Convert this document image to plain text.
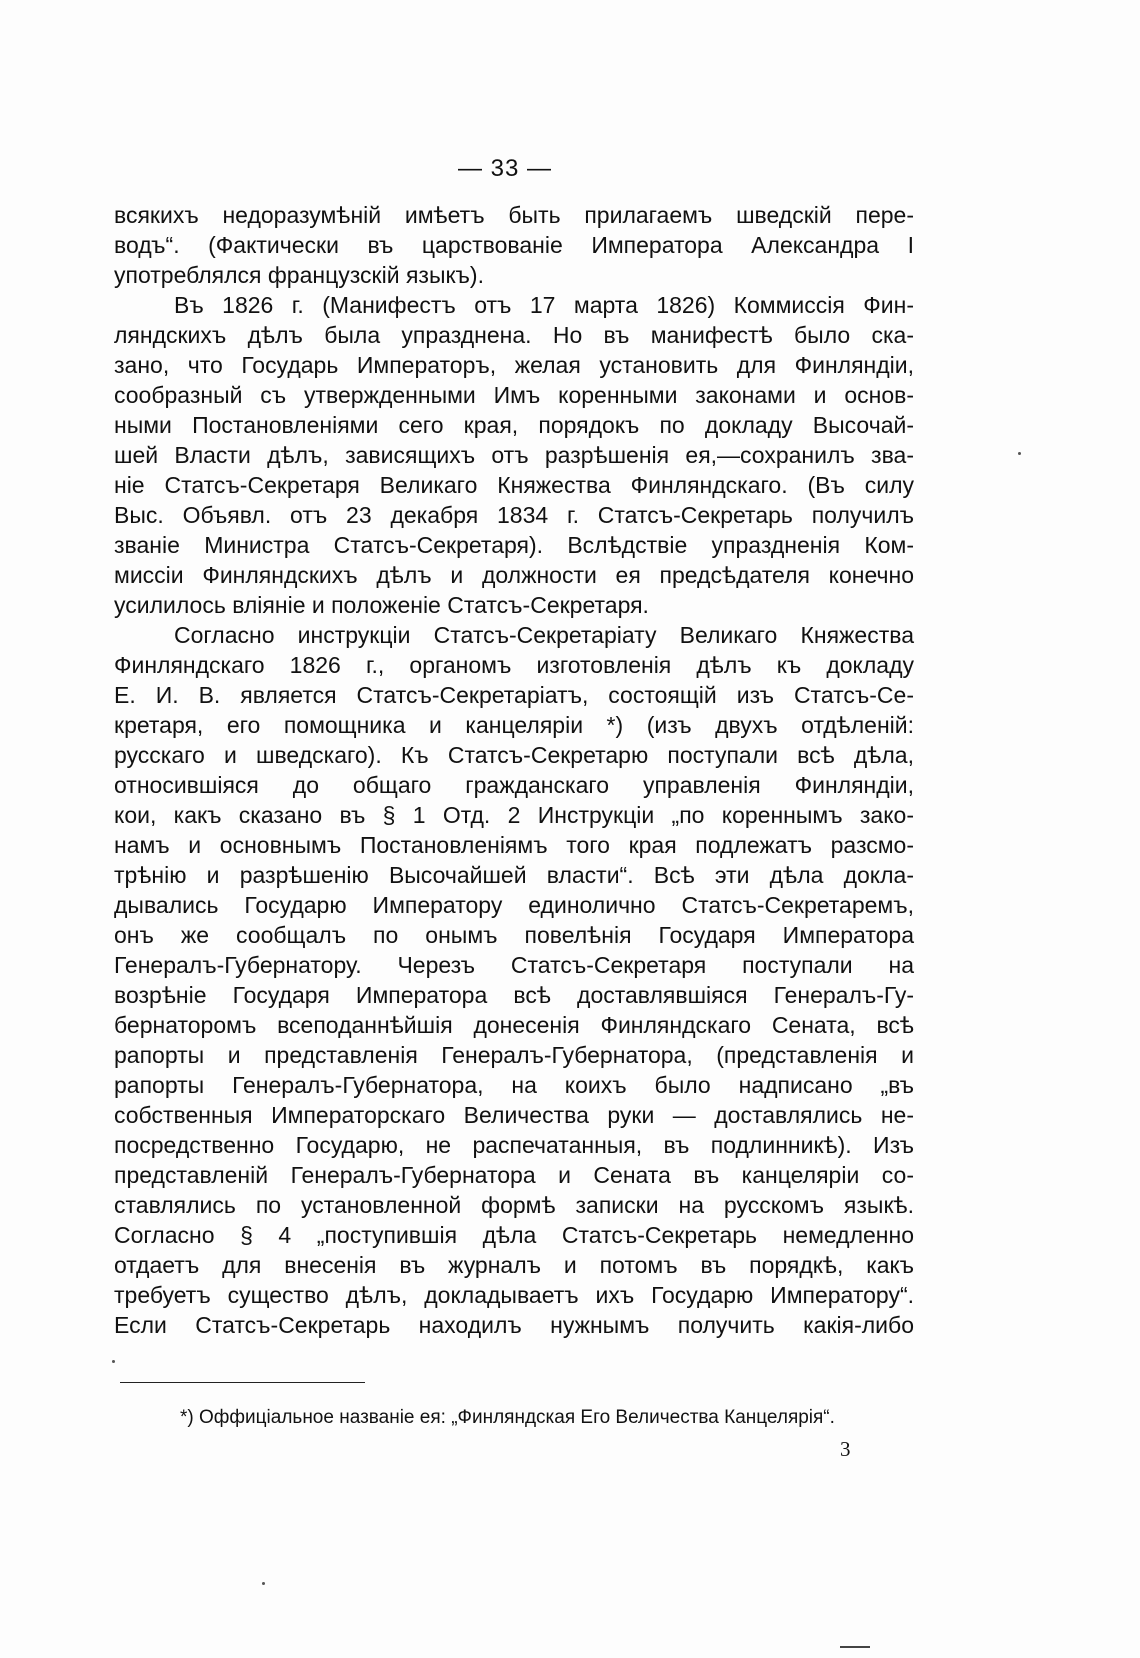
— 33 —
всякихъ недоразумѣній имѣетъ быть прилагаемъ шведскій пере-
водъ“. (Фактически въ царствованіе Императора Александра I
употреблялся французскій языкъ).
Въ 1826 г. (Манифестъ отъ 17 марта 1826) Коммиссія Фин-
ляндскихъ дѣлъ была упразднена. Но въ манифестѣ было ска-
зано, что Государь Императоръ, желая установить для Финляндіи,
сообразный съ утвержденными Имъ коренными законами и основ-
ными Постановленіями сего края, порядокъ по докладу Высочай-
шей Власти дѣлъ, зависящихъ отъ разрѣшенія ея,—сохранилъ зва-
ніе Статсъ-Секретаря Великаго Княжества Финляндскаго. (Въ силу
Выс. Объявл. отъ 23 декабря 1834 г. Статсъ-Секретарь получилъ
званіе Министра Статсъ-Секретаря). Вслѣдствіе упраздненія Ком-
миссіи Финляндскихъ дѣлъ и должности ея предсѣдателя конечно
усилилось вліяніе и положеніе Статсъ-Секретаря.
Согласно инструкціи Статсъ-Секретаріату Великаго Княжества
Финляндскаго 1826 г., органомъ изготовленія дѣлъ къ докладу
Е. И. В. является Статсъ-Секретаріатъ, состоящій изъ Статсъ-Се-
кретаря, его помощника и канцеляріи *) (изъ двухъ отдѣленій:
русскаго и шведскаго). Къ Статсъ-Секретарю поступали всѣ дѣла,
относившіяся до общаго гражданскаго управленія Финляндіи,
кои, какъ сказано въ § 1 Отд. 2 Инструкціи „по кореннымъ зако-
намъ и основнымъ Постановленіямъ того края подлежатъ разсмо-
трѣнію и разрѣшенію Высочайшей власти“. Всѣ эти дѣла докла-
дывались Государю Императору единолично Статсъ-Секретаремъ,
онъ же сообщалъ по онымъ повелѣнія Государя Императора
Генералъ-Губернатору. Черезъ Статсъ-Секретаря поступали на
возрѣніе Государя Императора всѣ доставлявшіяся Генералъ-Гу-
бернаторомъ всеподаннѣйшія донесенія Финляндскаго Сената, всѣ
рапорты и представленія Генералъ-Губернатора, (представленія и
рапорты Генералъ-Губернатора, на коихъ было надписано „въ
собственныя Императорскаго Величества руки — доставлялись не-
посредственно Государю, не распечатанныя, въ подлинникѣ). Изъ
представленій Генералъ-Губернатора и Сената въ канцеляріи со-
ставлялись по установленной формѣ записки на русскомъ языкѣ.
Согласно § 4 „поступившія дѣла Статсъ-Секретарь немедленно
отдаетъ для внесенія въ журналъ и потомъ въ порядкѣ, какъ
требуетъ существо дѣлъ, докладываетъ ихъ Государю Императору“.
Если Статсъ-Секретарь находилъ нужнымъ получить какія-либо
*) Оффиціальное названіе ея: „Финляндская Его Величества Канцелярія“.
3
